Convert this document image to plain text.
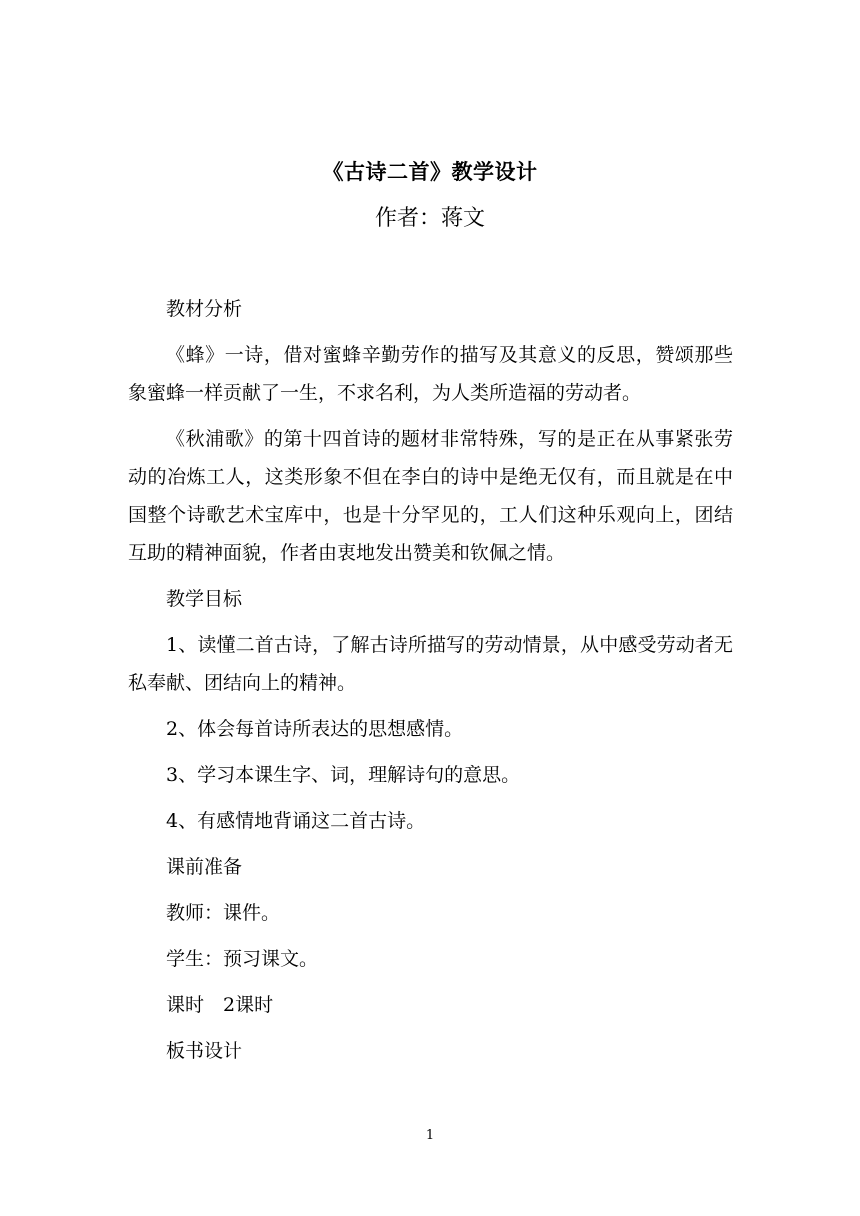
《古诗二首》教学设计
作者：蒋文

教材分析

《蜂》一诗，借对蜜蜂辛勤劳作的描写及其意义的反思，赞颂那些象蜜蜂一样贡献了一生，不求名利，为人类所造福的劳动者。

《秋浦歌》的第十四首诗的题材非常特殊，写的是正在从事紧张劳动的冶炼工人，这类形象不但在李白的诗中是绝无仅有，而且就是在中国整个诗歌艺术宝库中，也是十分罕见的，工人们这种乐观向上，团结互助的精神面貌，作者由衷地发出赞美和钦佩之情。

教学目标

1、读懂二首古诗，了解古诗所描写的劳动情景，从中感受劳动者无私奉献、团结向上的精神。

2、体会每首诗所表达的思想感情。

3、学习本课生字、词，理解诗句的意思。

4、有感情地背诵这二首古诗。

课前准备

教师：课件。

学生：预习课文。

课时　2课时

板书设计

1
